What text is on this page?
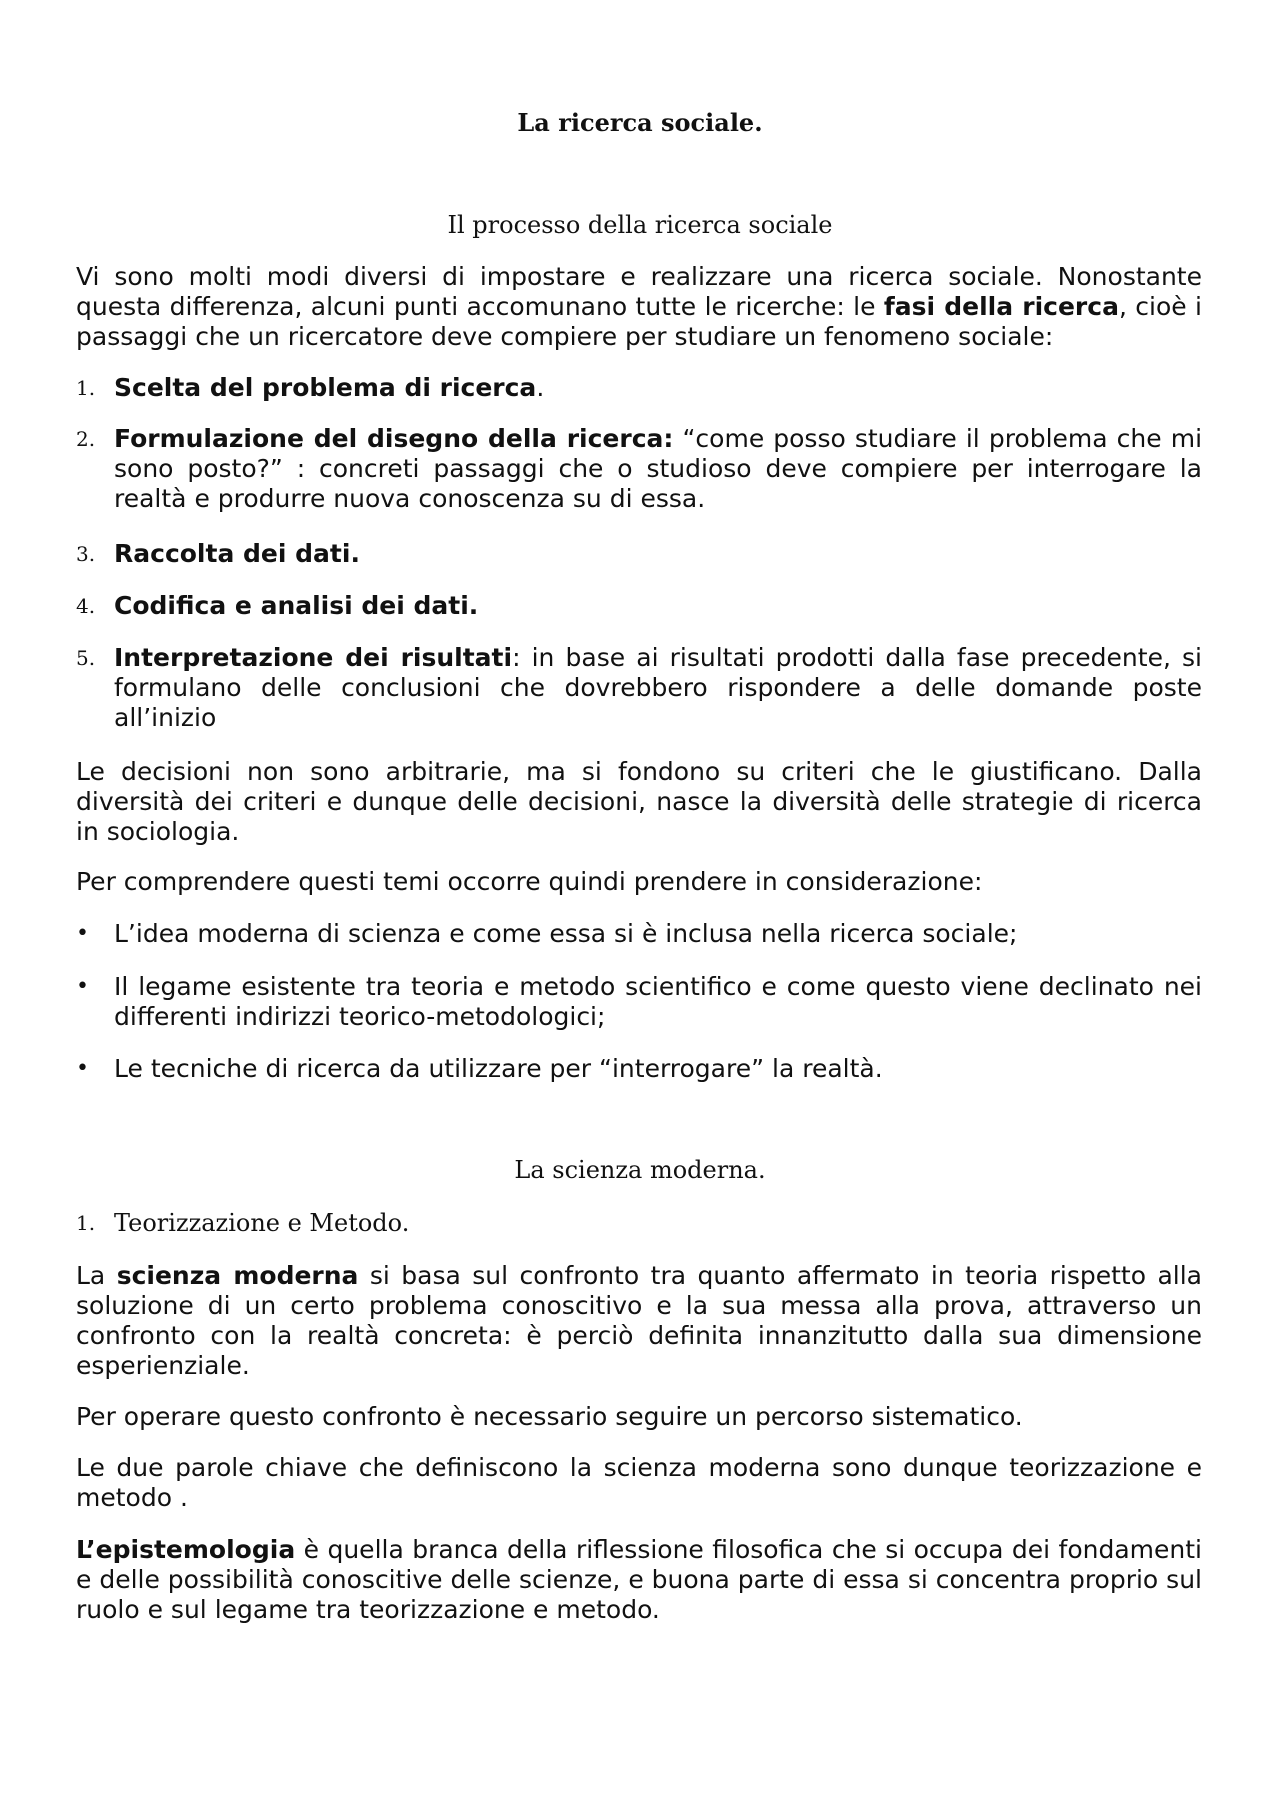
La ricerca sociale.
Il processo della ricerca sociale

Vi sono molti modi diversi di impostare e realizzare una ricerca sociale. Nonostante questa differenza, alcuni punti accomunano tutte le ricerche: le fasi della ricerca, cioè i passaggi che un ricercatore deve compiere per studiare un fenomeno sociale:

1. Scelta del problema di ricerca.
2. Formulazione del disegno della ricerca: “come posso studiare il problema che mi sono posto?” : concreti passaggi che o studioso deve compiere per interrogare la realtà e produrre nuova conoscenza su di essa.
3. Raccolta dei dati.
4. Codifica e analisi dei dati.
5. Interpretazione dei risultati: in base ai risultati prodotti dalla fase precedente, si formulano delle conclusioni che dovrebbero rispondere a delle domande poste all’inizio

Le decisioni non sono arbitrarie, ma si fondono su criteri che le giustificano. Dalla diversità dei criteri e dunque delle decisioni, nasce la diversità delle strategie di ricerca in sociologia.

Per comprendere questi temi occorre quindi prendere in considerazione:

•	L’idea moderna di scienza e come essa si è inclusa nella ricerca sociale;
•	Il legame esistente tra teoria e metodo scientifico e come questo viene declinato nei differenti indirizzi teorico-metodologici;
•	Le tecniche di ricerca da utilizzare per “interrogare” la realtà.
La scienza moderna.
1. Teorizzazione e Metodo.

La scienza moderna si basa sul confronto tra quanto affermato in teoria rispetto alla soluzione di un certo problema conoscitivo e la sua messa alla prova, attraverso un confronto con la realtà concreta: è perciò definita innanzitutto dalla sua dimensione esperienziale.

Per operare questo confronto è necessario seguire un percorso sistematico.

Le due parole chiave che definiscono la scienza moderna sono dunque teorizzazione e metodo .

L’epistemologia è quella branca della riflessione filosofica che si occupa dei fondamenti e delle possibilità conoscitive delle scienze, e buona parte di essa si concentra proprio sul ruolo e sul legame tra teorizzazione e metodo.
